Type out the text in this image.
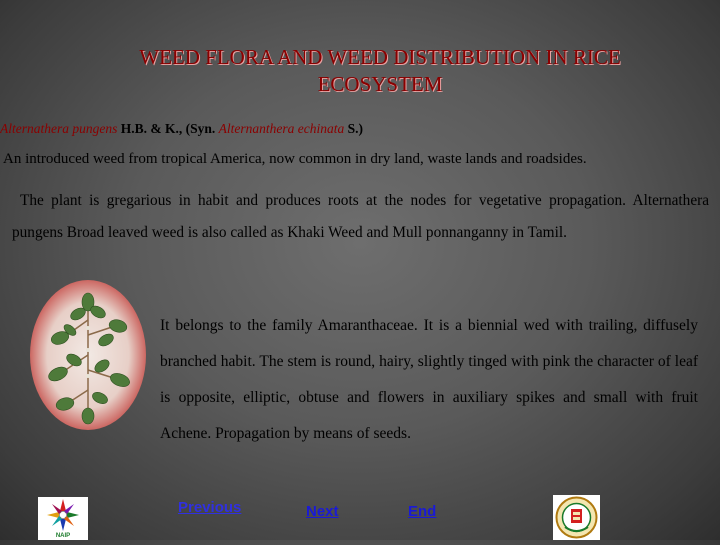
WEED FLORA AND WEED DISTRIBUTION IN RICE
ECOSYSTEM
Alternathera pungens H.B. & K., (Syn. Alternanthera echinata S.)
An introduced weed from tropical America, now common in dry land, waste lands and roadsides.
The plant is gregarious in habit and produces roots at the nodes for vegetative propagation. Alternathera pungens Broad leaved weed is also called as Khaki Weed and Mull ponnanganny in Tamil.
It belongs to the family Amaranthaceae. It is a biennial wed with trailing, diffusely branched habit. The stem is round, hairy, slightly tinged with pink the character of leaf is opposite, elliptic, obtuse and flowers in auxiliary spikes and small with fruit Achene. Propagation by means of seeds.
NAIP
Previous	Next	End
